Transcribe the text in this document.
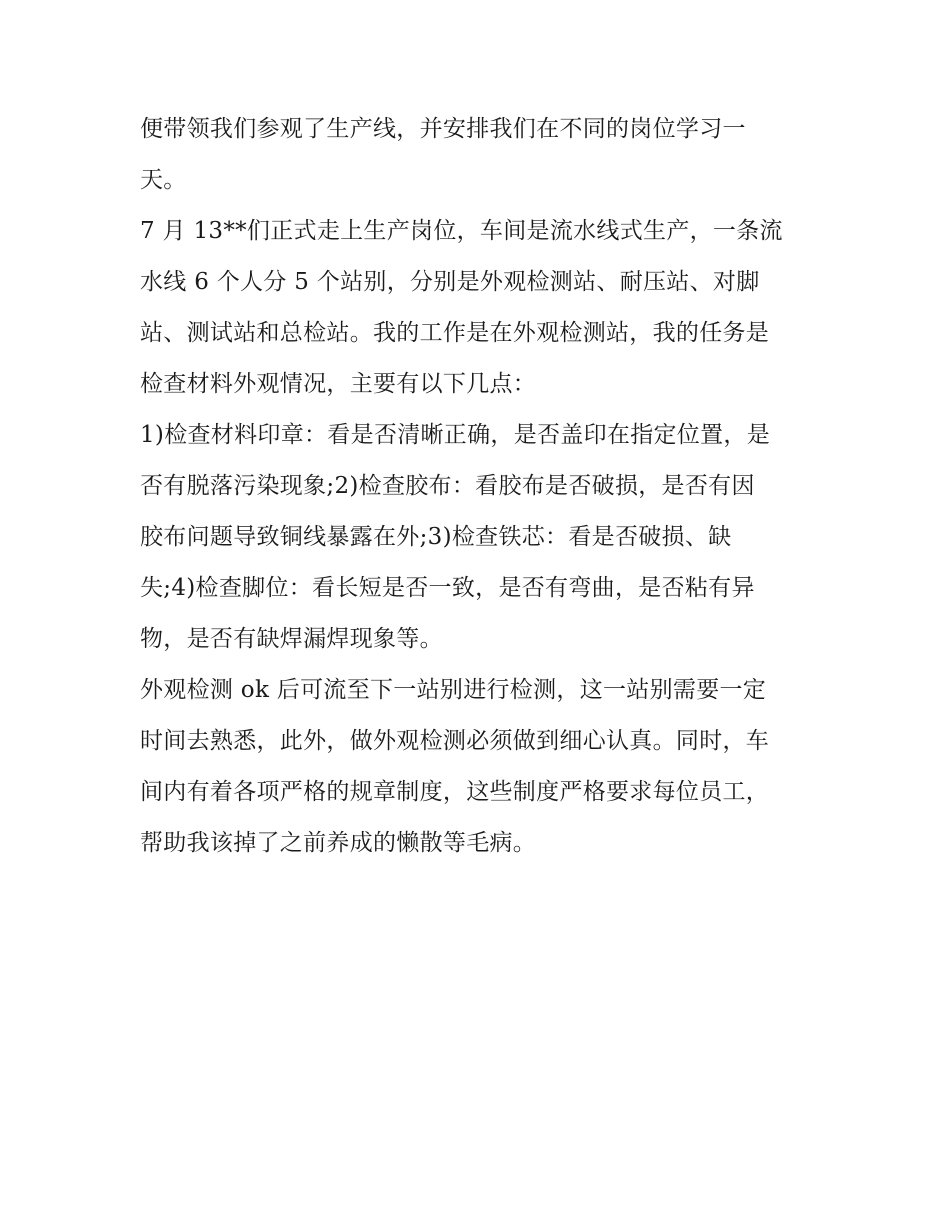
便带领我们参观了生产线，并安排我们在不同的岗位学习一
天。
7 月 13**们正式走上生产岗位，车间是流水线式生产，一条流
水线 6 个人分 5 个站别，分别是外观检测站、耐压站、对脚
站、测试站和总检站。我的工作是在外观检测站，我的任务是
检查材料外观情况，主要有以下几点：
1)检查材料印章：看是否清晰正确，是否盖印在指定位置，是
否有脱落污染现象;2)检查胶布：看胶布是否破损，是否有因
胶布问题导致铜线暴露在外;3)检查铁芯：看是否破损、缺
失;4)检查脚位：看长短是否一致，是否有弯曲，是否粘有异
物，是否有缺焊漏焊现象等。
外观检测 ok 后可流至下一站别进行检测，这一站别需要一定
时间去熟悉，此外，做外观检测必须做到细心认真。同时，车
间内有着各项严格的规章制度，这些制度严格要求每位员工，
帮助我该掉了之前养成的懒散等毛病。
